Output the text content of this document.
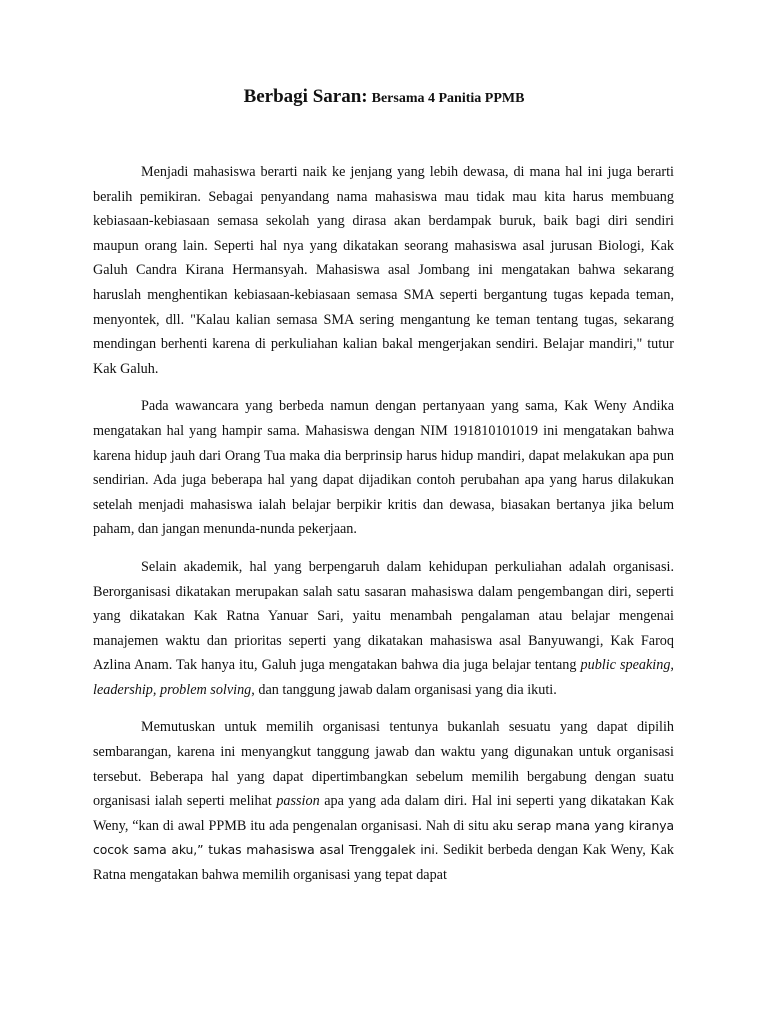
Berbagi Saran: Bersama 4 Panitia PPMB

Menjadi mahasiswa berarti naik ke jenjang yang lebih dewasa, di mana hal ini juga berarti beralih pemikiran. Sebagai penyandang nama mahasiswa mau tidak mau kita harus membuang kebiasaan-kebiasaan semasa sekolah yang dirasa akan berdampak buruk, baik bagi diri sendiri maupun orang lain. Seperti hal nya yang dikatakan seorang mahasiswa asal jurusan Biologi, Kak Galuh Candra Kirana Hermansyah. Mahasiswa asal Jombang ini mengatakan bahwa sekarang haruslah menghentikan kebiasaan-kebiasaan semasa SMA seperti bergantung tugas kepada teman, menyontek, dll. "Kalau kalian semasa SMA sering mengantung ke teman tentang tugas, sekarang mendingan berhenti karena di perkuliahan kalian bakal mengerjakan sendiri. Belajar mandiri," tutur Kak Galuh.

Pada wawancara yang berbeda namun dengan pertanyaan yang sama, Kak Weny Andika mengatakan hal yang hampir sama. Mahasiswa dengan NIM 191810101019 ini mengatakan bahwa karena hidup jauh dari Orang Tua maka dia berprinsip harus hidup mandiri, dapat melakukan apa pun sendirian. Ada juga beberapa hal yang dapat dijadikan contoh perubahan apa yang harus dilakukan setelah menjadi mahasiswa ialah belajar berpikir kritis dan dewasa, biasakan bertanya jika belum paham, dan jangan menunda-nunda pekerjaan.

Selain akademik, hal yang berpengaruh dalam kehidupan perkuliahan adalah organisasi. Berorganisasi dikatakan merupakan salah satu sasaran mahasiswa dalam pengembangan diri, seperti yang dikatakan Kak Ratna Yanuar Sari, yaitu menambah pengalaman atau belajar mengenai manajemen waktu dan prioritas seperti yang dikatakan mahasiswa asal Banyuwangi, Kak Faroq Azlina Anam. Tak hanya itu, Galuh juga mengatakan bahwa dia juga belajar tentang public speaking, leadership, problem solving, dan tanggung jawab dalam organisasi yang dia ikuti.

Memutuskan untuk memilih organisasi tentunya bukanlah sesuatu yang dapat dipilih sembarangan, karena ini menyangkut tanggung jawab dan waktu yang digunakan untuk organisasi tersebut. Beberapa hal yang dapat dipertimbangkan sebelum memilih bergabung dengan suatu organisasi ialah seperti melihat passion apa yang ada dalam diri. Hal ini seperti yang dikatakan Kak Weny, “kan di awal PPMB itu ada pengenalan organisasi. Nah di situ aku serap mana yang kiranya cocok sama aku,” tukas mahasiswa asal Trenggalek ini. Sedikit berbeda dengan Kak Weny, Kak Ratna mengatakan bahwa memilih organisasi yang tepat dapat
